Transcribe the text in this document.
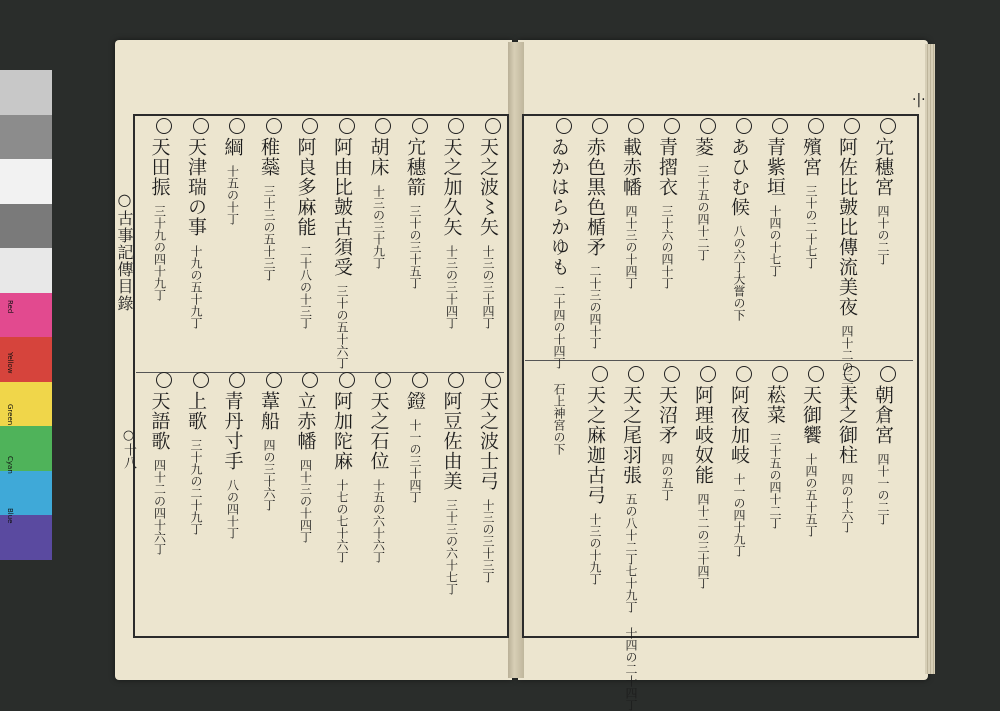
○古事記傳目錄
○十八
·|·
天之波〻矢十三の三十四丁
天之加久矢十三の三十四丁
宂穗箭三十の三十五丁
胡床十三の三十九丁
阿由比皷古須受三十の五十六丁
阿良多麻能二十八の十三丁
稚蘂三十三の五十三丁
綱十五の十丁
天津瑞の事十九の五十九丁
天田振三十九の四十九丁
天之波士弓十三の三十三丁
阿豆佐由美三十三の六十七丁
鐙十一の三十四丁
天之石位十五の六十六丁
阿加陀麻十七の七十六丁
立赤幡四十三の十四丁
葦船四の三十六丁
青丹寸手八の四十丁
上歌三十九の二十九丁
天語歌四十二の四十六丁
宂穗宮四十の二丁
阿佐比皷比傳流美夜四十二の三十丁
殯宮三十の二十七丁
青紫垣十四の十七丁
あひむ候八の六丁大嘗の下
菱三十五の四十二丁
青摺衣三十六の四十丁
載赤幡四十三の十四丁
赤色黒色楯矛二十三の四十丁
ゐかはらかゆも二十四の十四丁 石上神宮の下	朝倉宮四十一の二丁
天之御柱四の十六丁
天御饗十四の五十五丁
菘菜三十五の四十二丁
阿夜加岐十一の四十九丁
阿理岐奴能四十二の三十四丁
天沼矛四の五丁
天之尾羽張五の八十二丁七十九丁 十四の二十四丁
天之麻迦古弓十三の十九丁
Red
Yellow
Green
Cyan
Blue
